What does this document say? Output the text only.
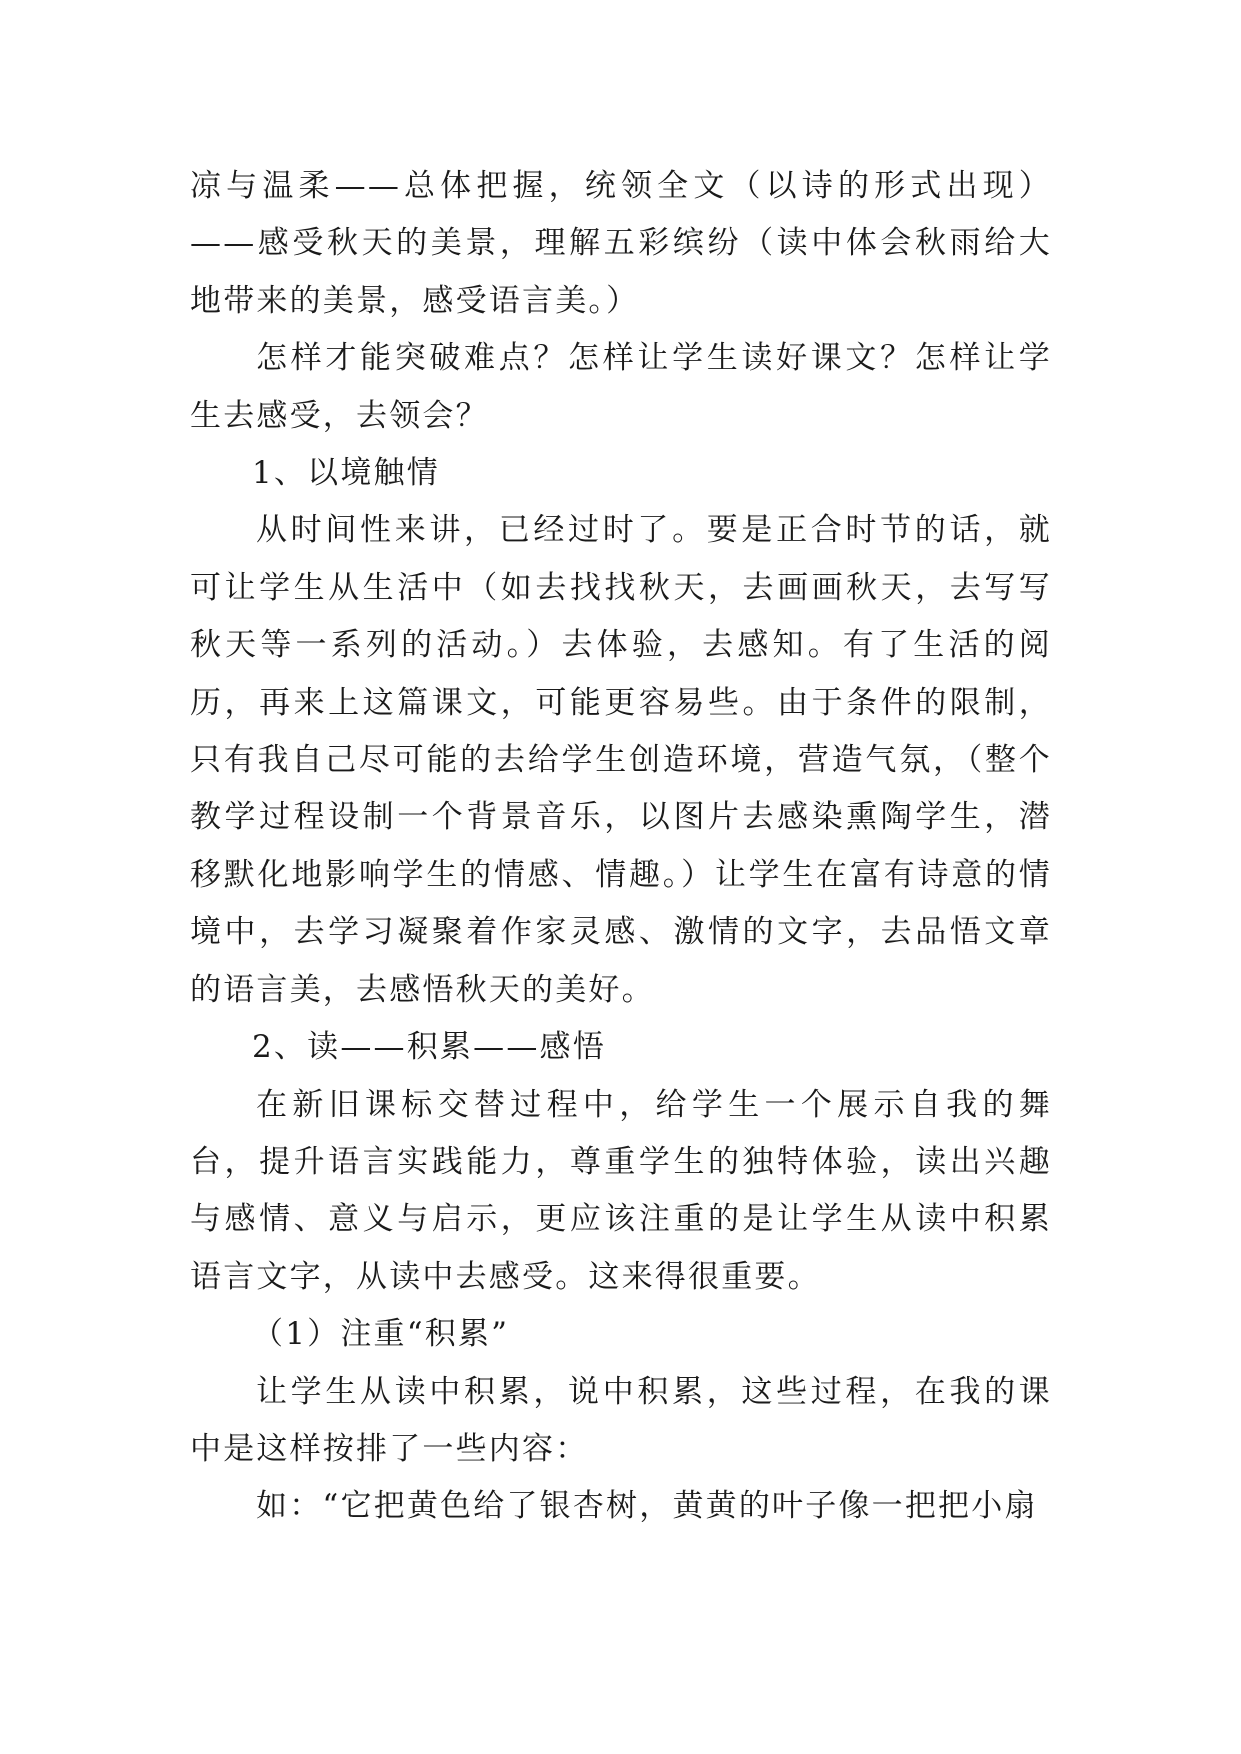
凉与温柔——总体把握，统领全文（以诗的形式出现）——感受秋天的美景，理解五彩缤纷（读中体会秋雨给大地带来的美景，感受语言美。）

怎样才能突破难点？怎样让学生读好课文？怎样让学生去感受，去领会？

1、以境触情

从时间性来讲，已经过时了。要是正合时节的话，就可让学生从生活中（如去找找秋天，去画画秋天，去写写秋天等一系列的活动。）去体验，去感知。有了生活的阅历，再来上这篇课文，可能更容易些。由于条件的限制，只有我自己尽可能的去给学生创造环境，营造气氛，（整个教学过程设制一个背景音乐，以图片去感染熏陶学生，潜移默化地影响学生的情感、情趣。）让学生在富有诗意的情境中，去学习凝聚着作家灵感、激情的文字，去品悟文章的语言美，去感悟秋天的美好。

2、读——积累——感悟

在新旧课标交替过程中，给学生一个展示自我的舞台，提升语言实践能力，尊重学生的独特体验，读出兴趣与感情、意义与启示，更应该注重的是让学生从读中积累语言文字，从读中去感受。这来得很重要。

（1）注重“积累”

让学生从读中积累，说中积累，这些过程，在我的课中是这样按排了一些内容：

如：“它把黄色给了银杏树，黄黄的叶子像一把把小扇
